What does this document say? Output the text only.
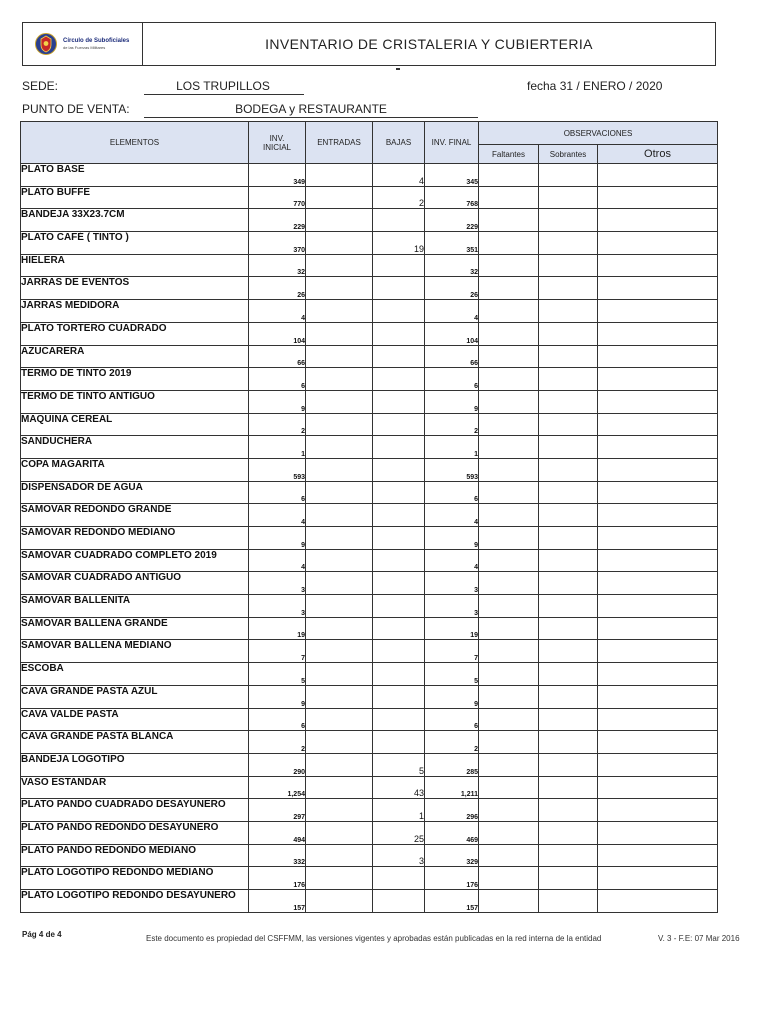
Círculo de Suboficiales
de las Fuerzas Militares	INVENTARIO DE CRISTALERIA Y CUBIERTERIA
SEDE:	LOS TRUPILLOS	fecha 31 / ENERO / 2020
PUNTO DE VENTA:	BODEGA y RESTAURANTE
ELEMENTOS	INV.
INICIAL	ENTRADAS	BAJAS	INV. FINAL	OBSERVACIONES		
					Faltantes	Sobrantes	Otros
PLATO BASE	349		4	345			
PLATO BUFFE	770		2	768			
BANDEJA 33X23.7CM	229			229			
PLATO CAFÉ ( TINTO )	370		19	351			
HIELERA	32			32			
JARRAS DE EVENTOS	26			26			
JARRAS MEDIDORA	4			4			
PLATO TORTERO CUADRADO	104			104			
AZUCARERA	66			66			
TERMO DE TINTO 2019	6			6			
TERMO DE TINTO ANTIGUO	9			9			
MAQUINA CEREAL	2			2			
SANDUCHERA	1			1			
COPA MAGARITA	593			593			
DISPENSADOR DE AGUA	6			6			
SAMOVAR REDONDO GRANDE	4			4			
SAMOVAR REDONDO MEDIANO	9			9			
SAMOVAR CUADRADO COMPLETO 2019	4			4			
SAMOVAR CUADRADO ANTIGUO	3			3			
SAMOVAR BALLENITA	3			3			
SAMOVAR BALLENA GRANDE	19			19			
SAMOVAR BALLENA MEDIANO	7			7			
ESCOBA	5			5			
CAVA GRANDE PASTA AZUL	9			9			
CAVA VALDE PASTA	6			6			
CAVA GRANDE PASTA BLANCA	2			2			
BANDEJA LOGOTIPO	290		5	285			
VASO ESTANDAR	1,254		43	1,211			
PLATO PANDO CUADRADO DESAYUNERO	297		1	296			
PLATO PANDO REDONDO DESAYUNERO	494		25	469			
PLATO PANDO REDONDO MEDIANO	332		3	329			
PLATO LOGOTIPO REDONDO MEDIANO	176			176			
PLATO LOGOTIPO REDONDO DESAYUNERO	157			157			
Pág 4 de 4	Este documento es propiedad del CSFFMM, las versiones vigentes y aprobadas están publicadas en la red interna de la entidad	V. 3 - F.E: 07 Mar 2016
